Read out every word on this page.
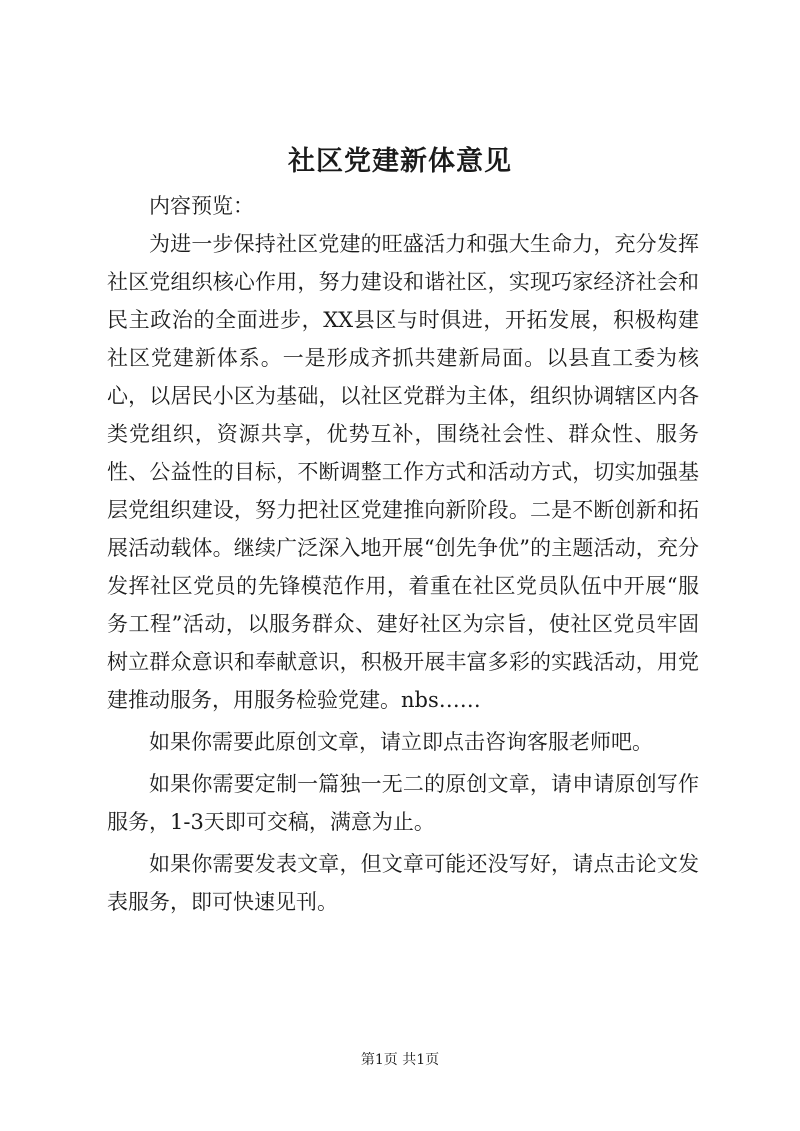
社区党建新体意见

内容预览：

为进一步保持社区党建的旺盛活力和强大生命力，充分发挥社区党组织核心作用，努力建设和谐社区，实现巧家经济社会和民主政治的全面进步，XX县区与时俱进，开拓发展，积极构建社区党建新体系。一是形成齐抓共建新局面。以县直工委为核心，以居民小区为基础，以社区党群为主体，组织协调辖区内各类党组织，资源共享，优势互补，围绕社会性、群众性、服务性、公益性的目标，不断调整工作方式和活动方式，切实加强基层党组织建设，努力把社区党建推向新阶段。二是不断创新和拓展活动载体。继续广泛深入地开展“创先争优”的主题活动，充分发挥社区党员的先锋模范作用，着重在社区党员队伍中开展“服务工程”活动，以服务群众、建好社区为宗旨，使社区党员牢固树立群众意识和奉献意识，积极开展丰富多彩的实践活动，用党建推动服务，用服务检验党建。nbs……

如果你需要此原创文章，请立即点击咨询客服老师吧。

如果你需要定制一篇独一无二的原创文章，请申请原创写作服务，1-3天即可交稿，满意为止。

如果你需要发表文章，但文章可能还没写好，请点击论文发表服务，即可快速见刊。

第1页 共1页
